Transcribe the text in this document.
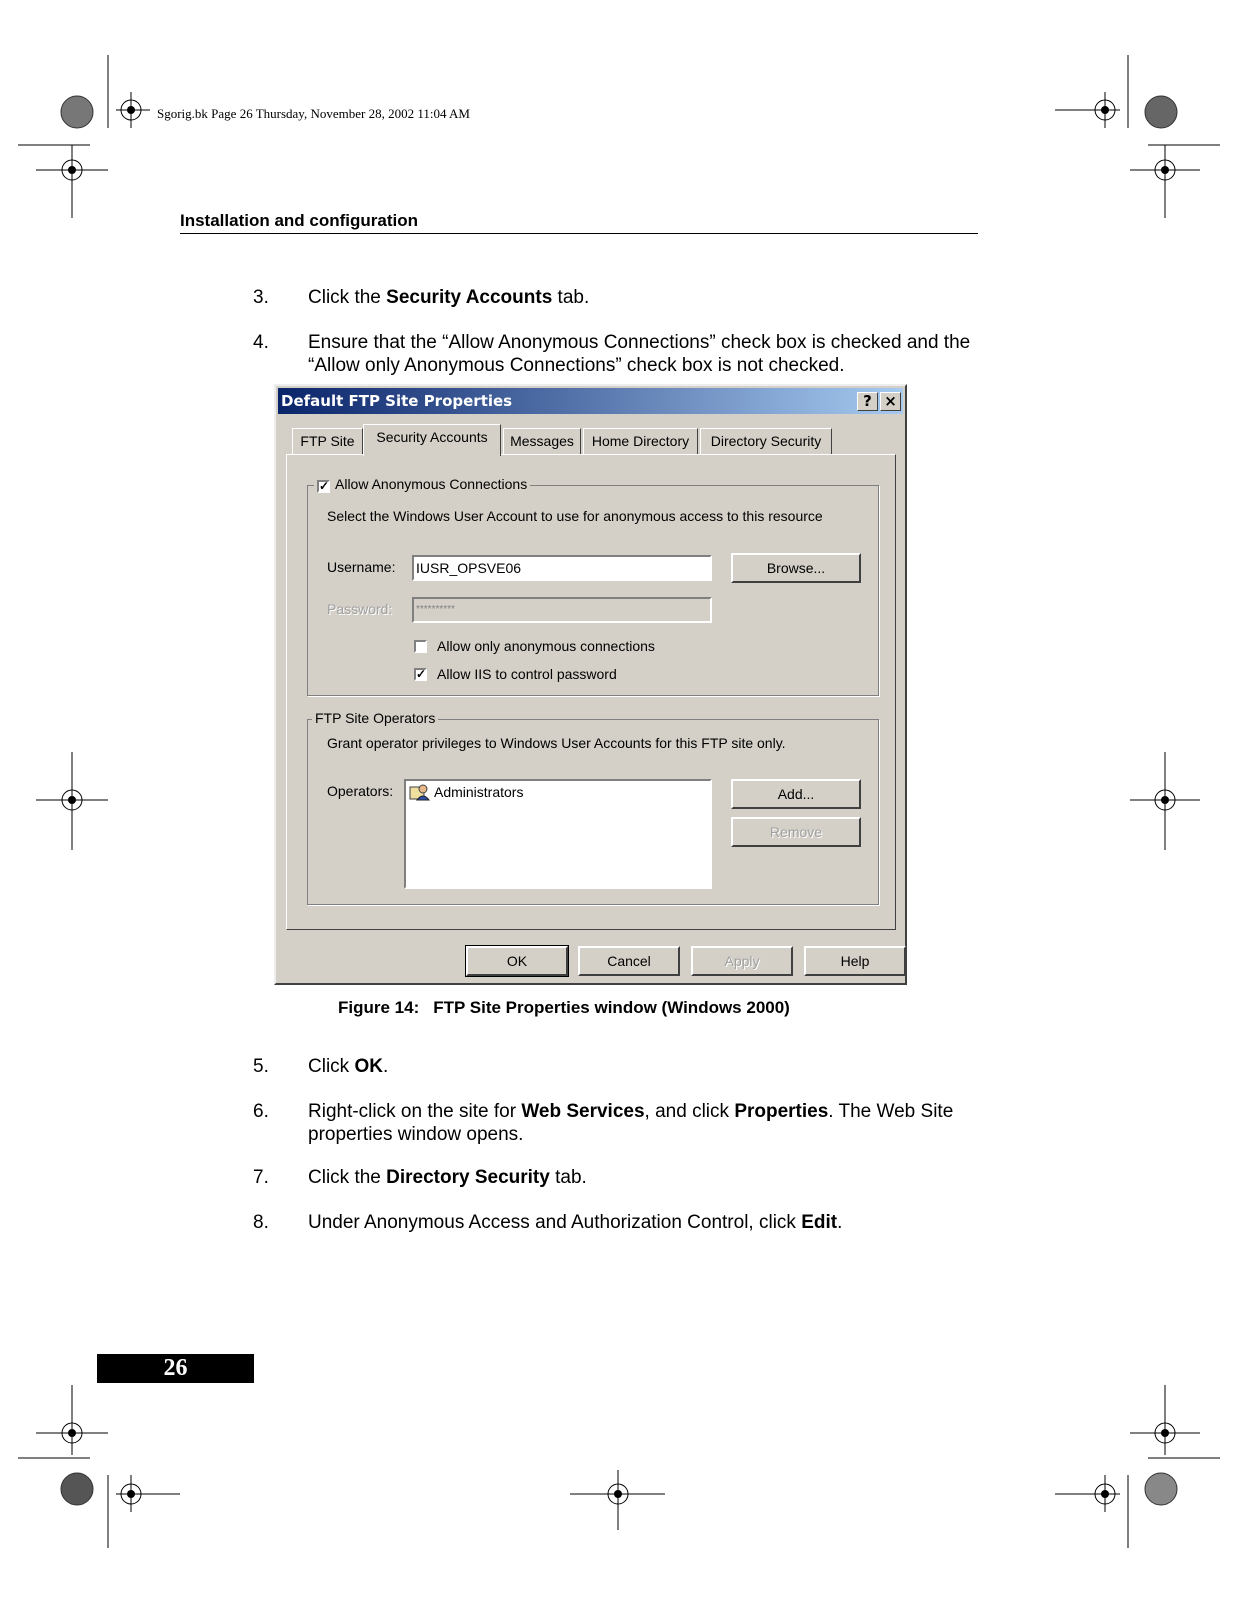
Sgorig.bk Page 26 Thursday, November 28, 2002 11:04 AM
Installation and configuration
3. Click the Security Accounts tab.
4. Ensure that the “Allow Anonymous Connections” check box is checked and the “Allow only Anonymous Connections” check box is not checked.
Default FTP Site Properties	? ×
FTP Site	Security Accounts	Messages	Home Directory	Directory Security
✓ Allow Anonymous Connections
Select the Windows User Account to use for anonymous access to this resource
Username: IUSR_OPSVE06	Browse...
Password:	**********
Allow only anonymous connections
✓ Allow IIS to control password
FTP Site Operators
Grant operator privileges to Windows User Accounts for this FTP site only.
Operators:	Administrators	Add...
Remove
OK	Cancel	Apply	Help
Figure 14: FTP Site Properties window (Windows 2000)
5. Click OK.
6. Right-click on the site for Web Services, and click Properties. The Web Site properties window opens.
7. Click the Directory Security tab.
8. Under Anonymous Access and Authorization Control, click Edit.
26
